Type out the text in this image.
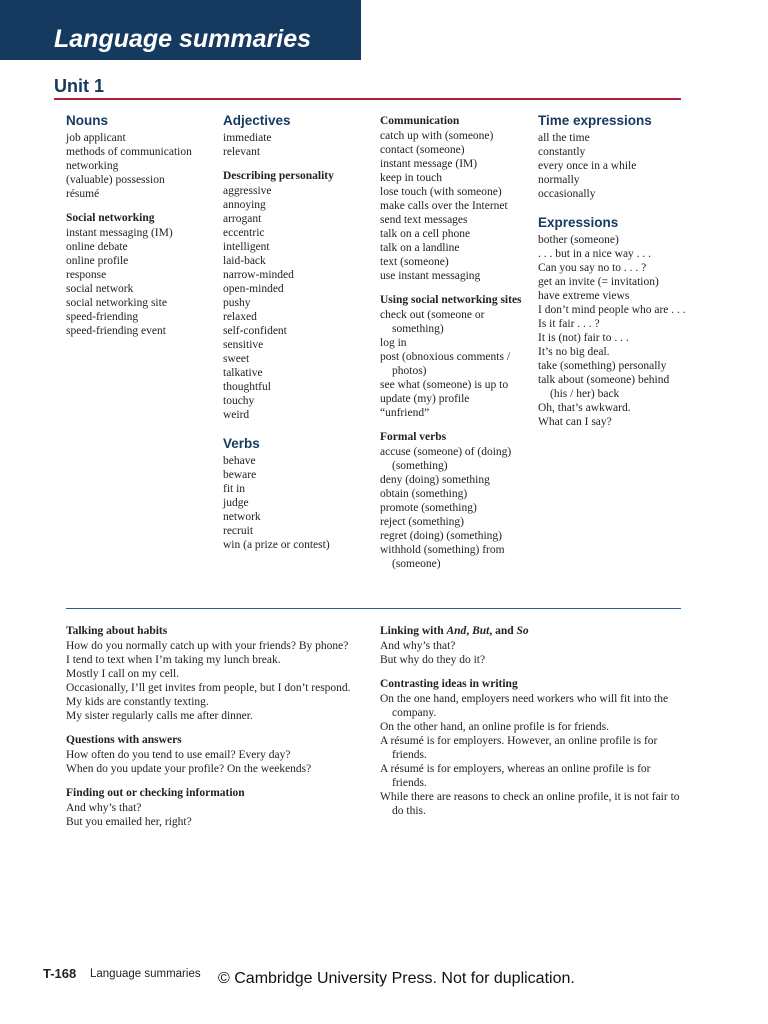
Language summaries
Unit 1
Nouns
job applicant
methods of communication
networking
(valuable) possession
résumé
Social networking
instant messaging (IM)
online debate
online profile
response
social network
social networking site
speed-friending
speed-friending event
Adjectives
immediate
relevant
Describing personality
aggressive
annoying
arrogant
eccentric
intelligent
laid-back
narrow-minded
open-minded
pushy
relaxed
self-confident
sensitive
sweet
talkative
thoughtful
touchy
weird
Verbs
behave
beware
fit in
judge
network
recruit
win (a prize or contest)
Communication
catch up with (someone)
contact (someone)
instant message (IM)
keep in touch
lose touch (with someone)
make calls over the Internet
send text messages
talk on a cell phone
talk on a landline
text (someone)
use instant messaging
Using social networking sites
check out (someone or something)
log in
post (obnoxious comments / photos)
see what (someone) is up to
update (my) profile
“unfriend”
Formal verbs
accuse (someone) of (doing) (something)
deny (doing) something
obtain (something)
promote (something)
reject (something)
regret (doing) (something)
withhold (something) from (someone)
Time expressions
all the time
constantly
every once in a while
normally
occasionally
Expressions
bother (someone)
. . . but in a nice way . . .
Can you say no to . . . ?
get an invite (= invitation)
have extreme views
I don’t mind people who are . . .
Is it fair . . . ?
It is (not) fair to . . .
It’s no big deal.
take (something) personally
talk about (someone) behind (his / her) back
Oh, that’s awkward.
What can I say?
Talking about habits
How do you normally catch up with your friends? By phone?
I tend to text when I’m taking my lunch break.
Mostly I call on my cell.
Occasionally, I’ll get invites from people, but I don’t respond.
My kids are constantly texting.
My sister regularly calls me after dinner.
Questions with answers
How often do you tend to use email? Every day?
When do you update your profile? On the weekends?
Finding out or checking information
And why’s that?
But you emailed her, right?
Linking with And, But, and So
And why’s that?
But why do they do it?
Contrasting ideas in writing
On the one hand, employers need workers who will fit into the company.
On the other hand, an online profile is for friends.
A résumé is for employers. However, an online profile is for friends.
A résumé is for employers, whereas an online profile is for friends.
While there are reasons to check an online profile, it is not fair to do this.
T-168 Language summaries © Cambridge University Press. Not for duplication.
